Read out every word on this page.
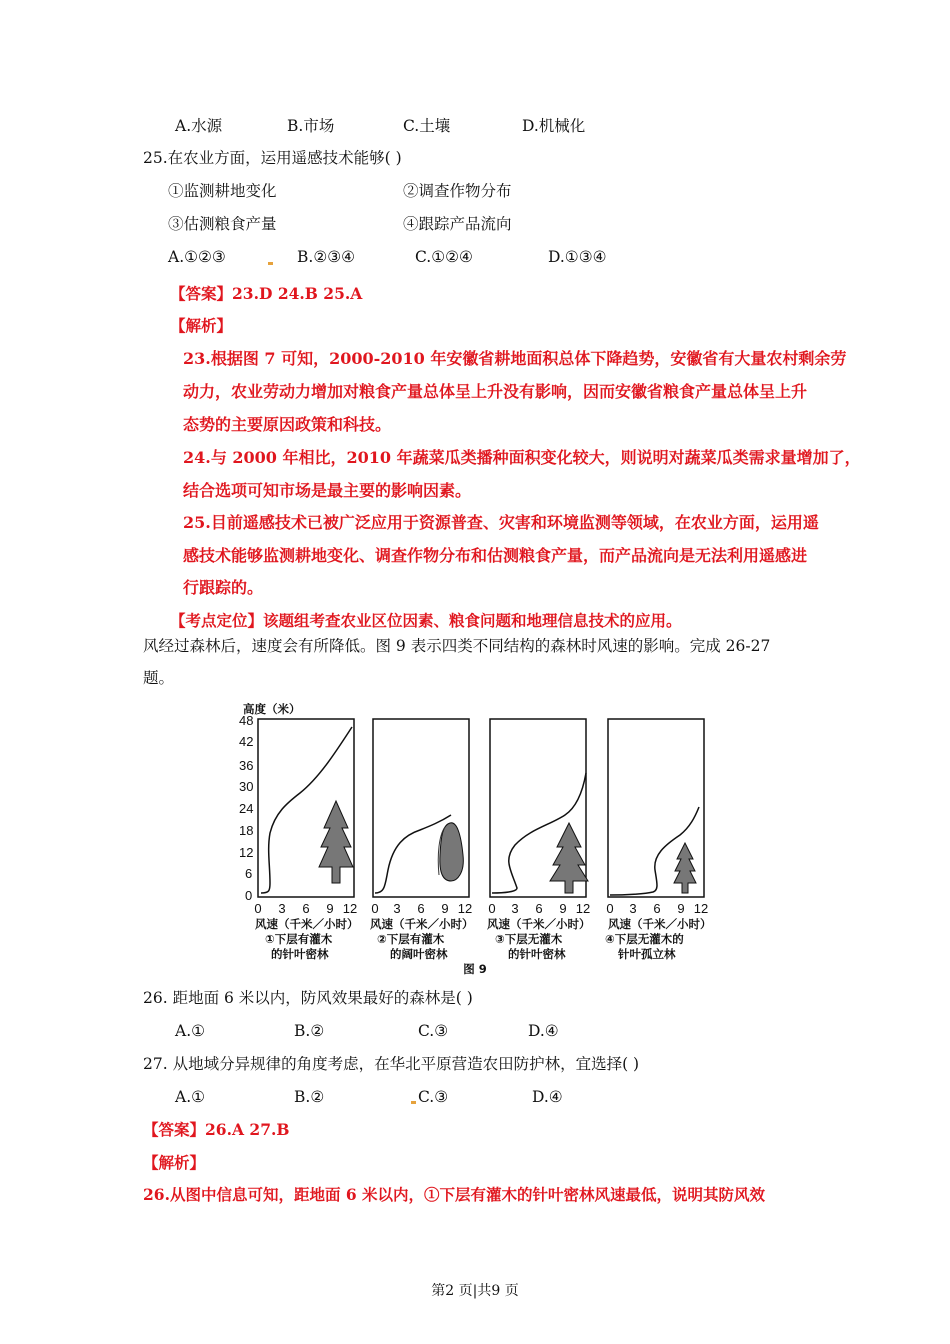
A.水源	B.市场	C.土壤	D.机械化
25.在农业方面，运用遥感技术能够( )
①监测耕地变化	②调查作物分布
③估测粮食产量	④跟踪产品流向
A.①②③	B.②③④	C.①②④	D.①③④
【答案】23.D 24.B 25.A
【解析】
23.根据图 7 可知，2000-2010 年安徽省耕地面积总体下降趋势，安徽省有大量农村剩余劳
动力，农业劳动力增加对粮食产量总体呈上升没有影响，因而安徽省粮食产量总体呈上升
态势的主要原因政策和科技。
24.与 2000 年相比，2010 年蔬菜瓜类播种面积变化较大，则说明对蔬菜瓜类需求量增加了，
结合选项可知市场是最主要的影响因素。
25.目前遥感技术已被广泛应用于资源普查、灾害和环境监测等领域，在农业方面，运用遥
感技术能够监测耕地变化、调查作物分布和估测粮食产量，而产品流向是无法利用遥感进
行跟踪的。
【考点定位】该题组考查农业区位因素、粮食问题和地理信息技术的应用。
风经过森林后，速度会有所降低。图 9 表示四类不同结构的森林时风速的影响。完成 26-27
题。
高度（米）
48
42
36
30
24
18
12
6
0
0 3 6 9 12
风速（千米／小时）
①下层有灌木
的针叶密林
0 3 6 9 12
风速（千米／小时）
②下层有灌木
的阔叶密林
0 3 6 9 12
风速（千米／小时）
③下层无灌木
的针叶密林
0 3 6 9 12
风速（千米／小时）
④下层无灌木的
针叶孤立林
图 9
26. 距地面 6 米以内，防风效果最好的森林是( )
A.①	B.②	C.③	D.④
27. 从地域分异规律的角度考虑，在华北平原营造农田防护林，宜选择( )
A.①	B.②	C.③	D.④
【答案】26.A 27.B
【解析】
26.从图中信息可知，距地面 6 米以内，①下层有灌木的针叶密林风速最低，说明其防风效
第2 页|共9 页
